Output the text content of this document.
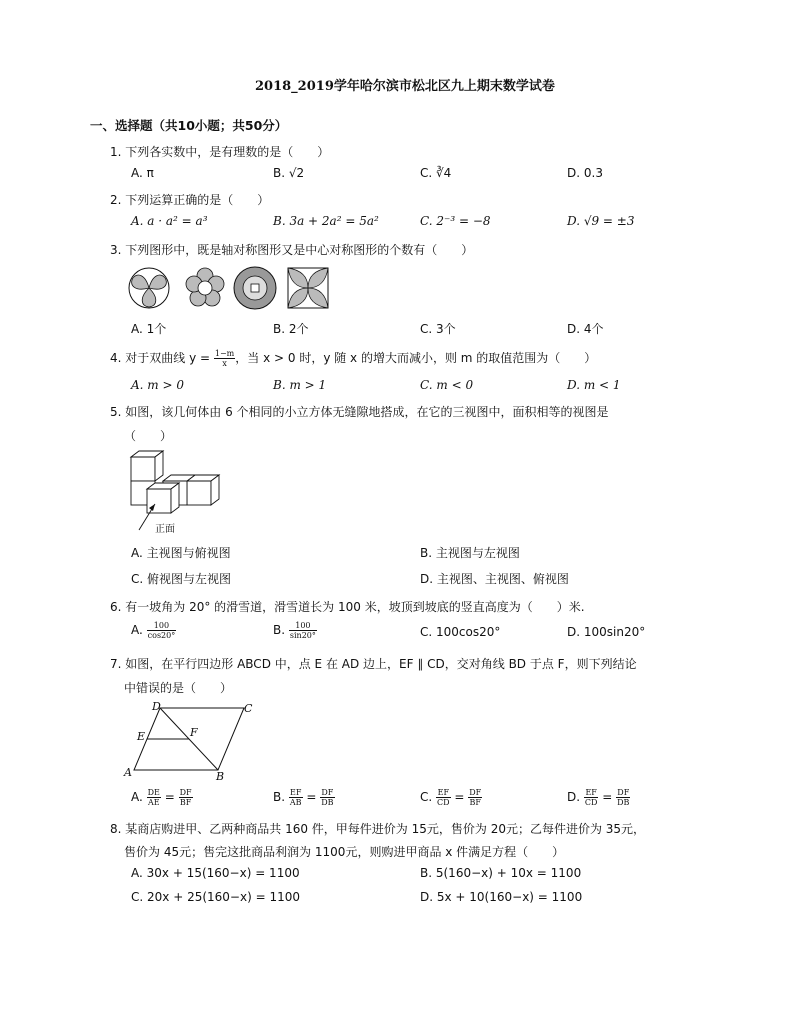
2018_2019学年哈尔滨市松北区九上期末数学试卷
一、选择题（共10小题；共50分）
1. 下列各实数中，是有理数的是（　　）
A. π	B. √2	C. ∛4	D. 0.3
2. 下列运算正确的是（　　）
A. a · a² = a³	B. 3a + 2a² = 5a²	C. 2⁻³ = −8	D. √9 = ±3
3. 下列图形中，既是轴对称图形又是中心对称图形的个数有（　　）
A. 1个	B. 2个	C. 3个	D. 4个
4. 对于双曲线 $y = \frac{1-m}{x}$ ，当 x > 0 时，y 随 x 的增大而减小，则 m 的取值范围为（　　）
A. m > 0	B. m > 1	C. m < 0	D. m < 1
5. 如图，该几何体由 6 个相同的小立方体无缝隙地搭成，在它的三视图中，面积相等的视图是
（　　）
正面
A. 主视图与俯视图	B. 主视图与左视图
C. 俯视图与左视图	D. 主视图、主视图、俯视图
6. 有一坡角为 20° 的滑雪道，滑雪道长为 100 米，坡顶到坡底的竖直高度为（　　）米.
A. $\frac{100}{\cos 20^\circ}$	B. $\frac{100}{\sin 20^\circ}$	C. 100cos20°	D. 100sin20°
7. 如图，在平行四边形 ABCD 中，点 E 在 AD 边上，EF ∥ CD，交对角线 BD 于点 F，则下列结论
中错误的是（　　）
D	C
E	F
A	B
A. $\frac{DE}{AE} = \frac{DF}{BF}$	B. $\frac{EF}{AB} = \frac{DF}{DB}$	C. $\frac{EF}{CD} = \frac{DF}{BF}$	D. $\frac{EF}{CD} = \frac{DF}{DB}$
8. 某商店购进甲、乙两种商品共 160 件，甲每件进价为 15元，售价为 20元；乙每件进价为 35元，
售价为 45元；售完这批商品利润为 1100元，则购进甲商品 x 件满足方程（　　）
A. 30x + 15(160−x) = 1100	B. 5(160−x) + 10x = 1100
C. 20x + 25(160−x) = 1100	D. 5x + 10(160−x) = 1100
